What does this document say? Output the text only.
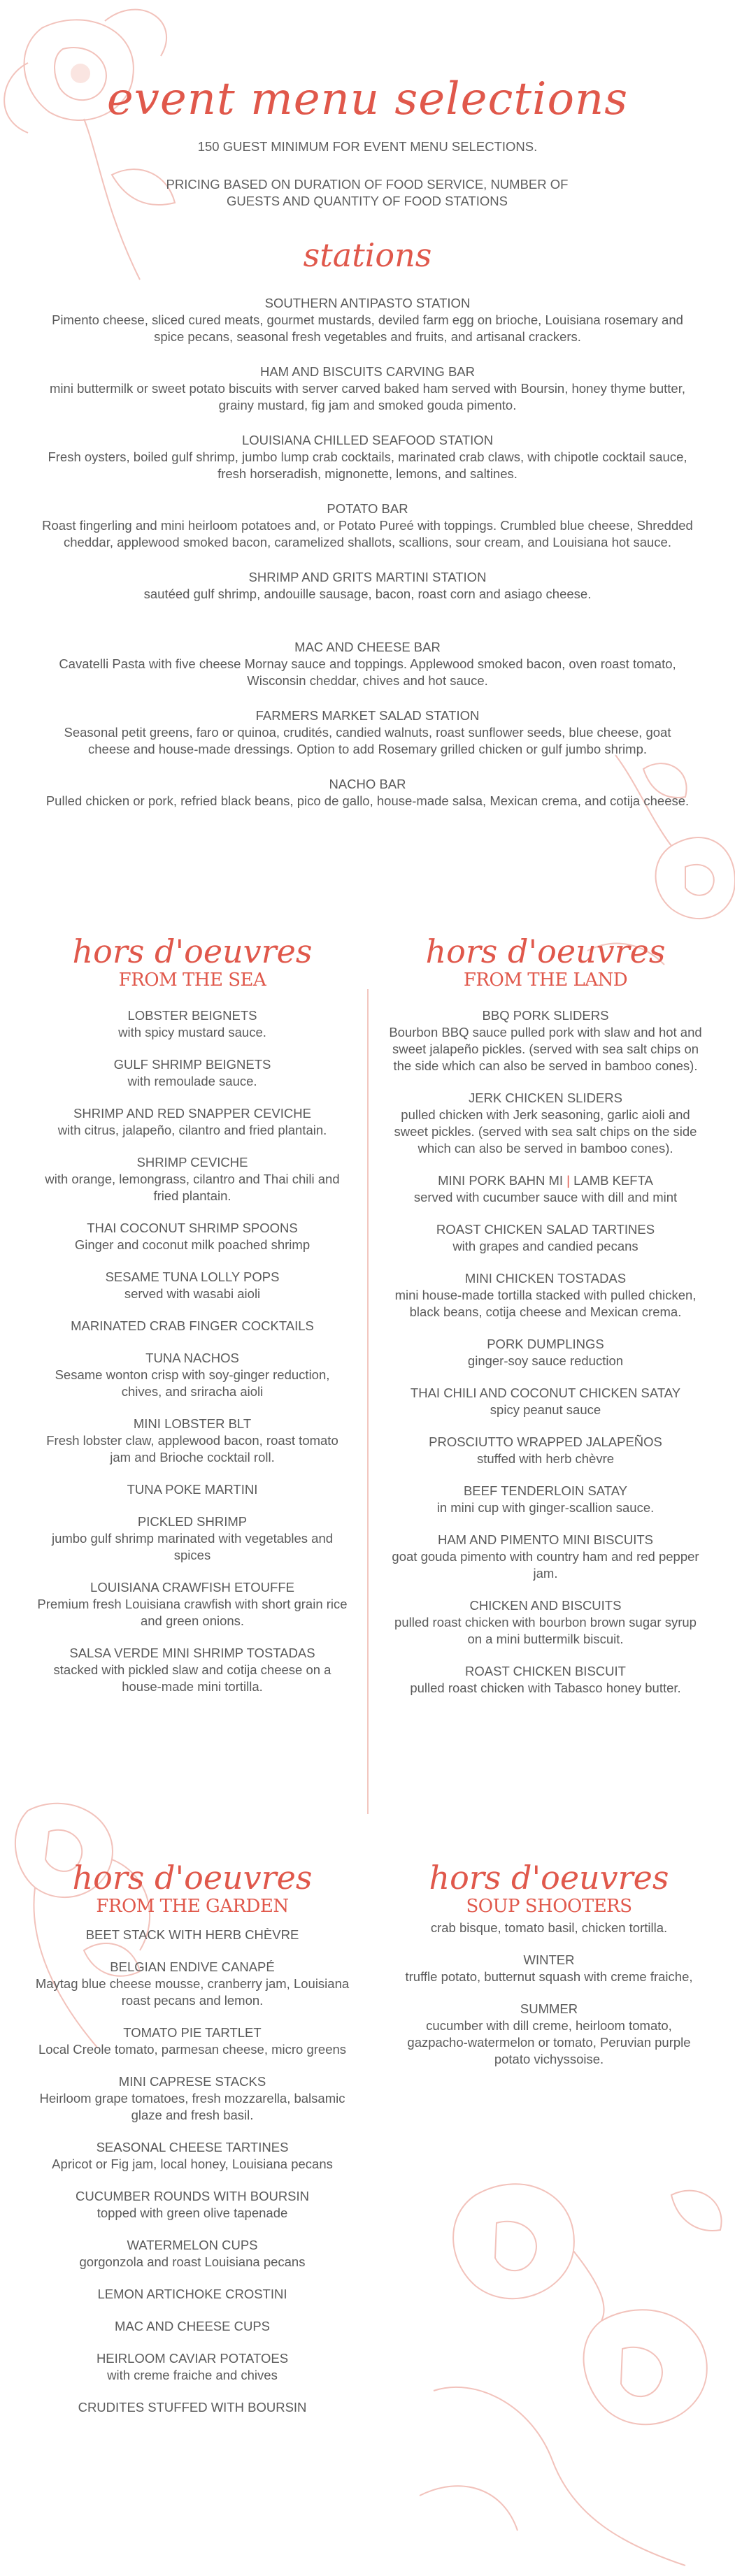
event menu selections

150 GUEST MINIMUM FOR EVENT MENU SELECTIONS.

PRICING BASED ON DURATION OF FOOD SERVICE, NUMBER OF GUESTS AND QUANTITY OF FOOD STATIONS

stations
SOUTHERN ANTIPASTO STATION
Pimento cheese, sliced cured meats, gourmet mustards, deviled farm egg on brioche, Louisiana rosemary and spice pecans, seasonal fresh vegetables and fruits, and artisanal crackers.
HAM AND BISCUITS CARVING BAR
mini buttermilk or sweet potato biscuits with server carved baked ham served with Boursin, honey thyme butter, grainy mustard, fig jam and smoked gouda pimento.
LOUISIANA CHILLED SEAFOOD STATION
Fresh oysters, boiled gulf shrimp, jumbo lump crab cocktails, marinated crab claws, with chipotle cocktail sauce, fresh horseradish, mignonette, lemons, and saltines.
POTATO BAR
Roast fingerling and mini heirloom potatoes and, or Potato Pureé with toppings. Crumbled blue cheese, Shredded cheddar, applewood smoked bacon, caramelized shallots, scallions, sour cream, and Louisiana hot sauce.
SHRIMP AND GRITS MARTINI STATION
sautéed gulf shrimp, andouille sausage, bacon, roast corn and asiago cheese.
MAC AND CHEESE BAR
Cavatelli Pasta with five cheese Mornay sauce and toppings. Applewood smoked bacon, oven roast tomato, Wisconsin cheddar, chives and hot sauce.
FARMERS MARKET SALAD STATION
Seasonal petit greens, faro or quinoa, crudités, candied walnuts, roast sunflower seeds, blue cheese, goat cheese and house-made dressings. Option to add Rosemary grilled chicken or gulf jumbo shrimp.
NACHO BAR
Pulled chicken or pork, refried black beans, pico de gallo, house-made salsa, Mexican crema, and cotija cheese.
hors d'oeuvres
FROM THE SEA
LOBSTER BEIGNETS
with spicy mustard sauce.
GULF SHRIMP BEIGNETS
with remoulade sauce.
SHRIMP AND RED SNAPPER CEVICHE
with citrus, jalapeño, cilantro and fried plantain.
SHRIMP CEVICHE
with orange, lemongrass, cilantro and Thai chili and fried plantain.
THAI COCONUT SHRIMP SPOONS
Ginger and coconut milk poached shrimp
SESAME TUNA LOLLY POPS
served with wasabi aioli
MARINATED CRAB FINGER COCKTAILS
TUNA NACHOS
Sesame wonton crisp with soy-ginger reduction, chives, and sriracha aioli
MINI LOBSTER BLT
Fresh lobster claw, applewood bacon, roast tomato jam and Brioche cocktail roll.
TUNA POKE MARTINI
PICKLED SHRIMP
jumbo gulf shrimp marinated with vegetables and spices
LOUISIANA CRAWFISH ETOUFFE
Premium fresh Louisiana crawfish with short grain rice and green onions.
SALSA VERDE MINI SHRIMP TOSTADAS
stacked with pickled slaw and cotija cheese on a house-made mini tortilla.
hors d'oeuvres
FROM THE LAND
BBQ PORK SLIDERS
Bourbon BBQ sauce pulled pork with slaw and hot and sweet jalapeño pickles. (served with sea salt chips on the side which can also be served in bamboo cones).
JERK CHICKEN SLIDERS
pulled chicken with Jerk seasoning, garlic aioli and sweet pickles. (served with sea salt chips on the side which can also be served in bamboo cones).
MINI PORK BAHN MI | LAMB KEFTA
served with cucumber sauce with dill and mint
ROAST CHICKEN SALAD TARTINES
with grapes and candied pecans
MINI CHICKEN TOSTADAS
mini house-made tortilla stacked with pulled chicken, black beans, cotija cheese and Mexican crema.
PORK DUMPLINGS
ginger-soy sauce reduction
THAI CHILI AND COCONUT CHICKEN SATAY
spicy peanut sauce
PROSCIUTTO WRAPPED JALAPEÑOS
stuffed with herb chèvre
BEEF TENDERLOIN SATAY
in mini cup with ginger-scallion sauce.
HAM AND PIMENTO MINI BISCUITS
goat gouda pimento with country ham and red pepper jam.
CHICKEN AND BISCUITS
pulled roast chicken with bourbon brown sugar syrup on a mini buttermilk biscuit.
ROAST CHICKEN BISCUIT
pulled roast chicken with Tabasco honey butter.
hors d'oeuvres
FROM THE GARDEN
BEET STACK WITH HERB CHÈVRE
BELGIAN ENDIVE CANAPÉ
Maytag blue cheese mousse, cranberry jam, Louisiana roast pecans and lemon.
TOMATO PIE TARTLET
Local Creole tomato, parmesan cheese, micro greens
MINI CAPRESE STACKS
Heirloom grape tomatoes, fresh mozzarella, balsamic glaze and fresh basil.
SEASONAL CHEESE TARTINES
Apricot or Fig jam, local honey, Louisiana pecans
CUCUMBER ROUNDS WITH BOURSIN
topped with green olive tapenade
WATERMELON CUPS
gorgonzola and roast Louisiana pecans
LEMON ARTICHOKE CROSTINI
MAC AND CHEESE CUPS
HEIRLOOM CAVIAR POTATOES
with creme fraiche and chives
CRUDITES STUFFED WITH BOURSIN
hors d'oeuvres
SOUP SHOOTERS
crab bisque, tomato basil, chicken tortilla.
WINTER
truffle potato, butternut squash with creme fraiche,
SUMMER
cucumber with dill creme, heirloom tomato, gazpacho-watermelon or tomato, Peruvian purple potato vichyssoise.
